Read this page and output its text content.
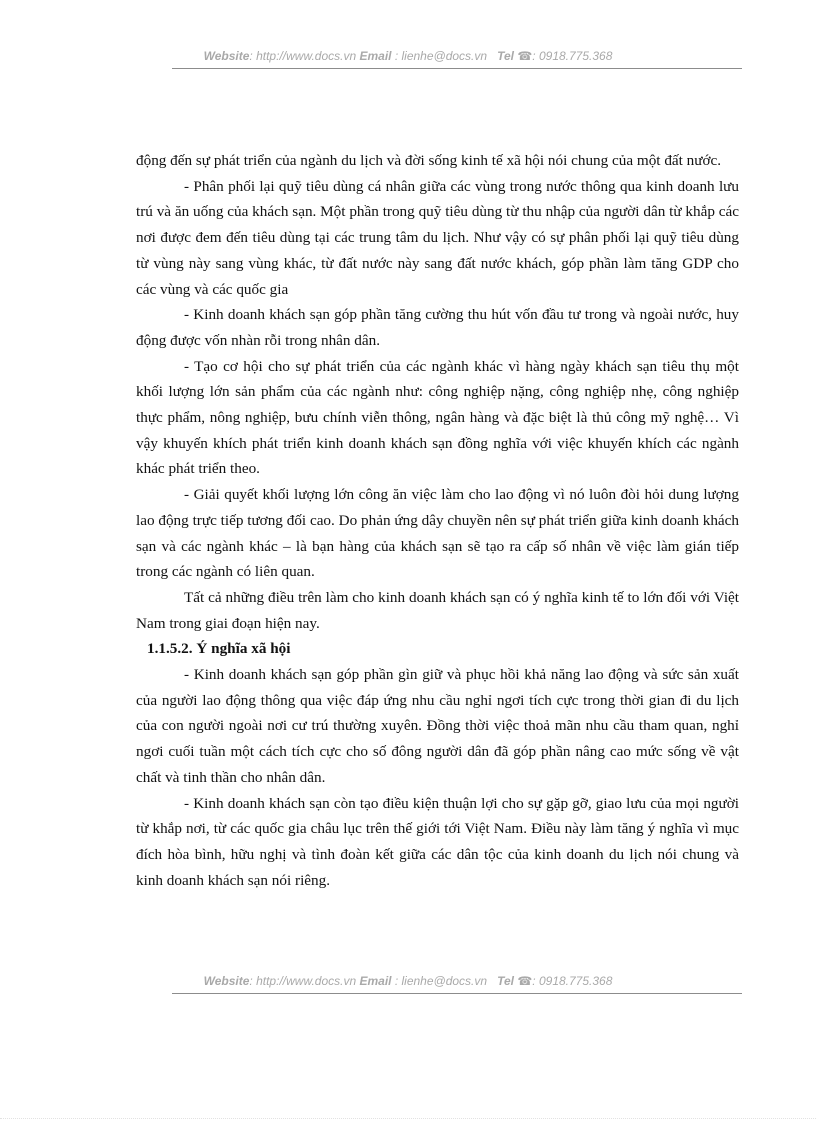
Website: http://www.docs.vn Email : lienhe@docs.vn Tel ☎: 0918.775.368

động đến sự phát triển của ngành du lịch và đời sống kinh tế xã hội nói chung của một đất nước.

- Phân phối lại quỹ tiêu dùng cá nhân giữa các vùng trong nước thông qua kinh doanh lưu trú và ăn uống của khách sạn. Một phần trong quỹ tiêu dùng từ thu nhập của người dân từ khắp các nơi được đem đến tiêu dùng tại các trung tâm du lịch. Như vậy có sự phân phối lại quỹ tiêu dùng từ vùng này sang vùng khác, từ đất nước này sang đất nước khách, góp phần làm tăng GDP cho các vùng và các quốc gia

- Kinh doanh khách sạn góp phần tăng cường thu hút vốn đầu tư trong và ngoài nước, huy động được vốn nhàn rỗi trong nhân dân.

- Tạo cơ hội cho sự phát triển của các ngành khác vì hàng ngày khách sạn tiêu thụ một khối lượng lớn sản phẩm của các ngành như: công nghiệp nặng, công nghiệp nhẹ, công nghiệp thực phẩm, nông nghiệp, bưu chính viễn thông, ngân hàng và đặc biệt là thủ công mỹ nghệ… Vì vậy khuyến khích phát triển kinh doanh khách sạn đồng nghĩa với việc khuyến khích các ngành khác phát triển theo.

- Giải quyết khối lượng lớn công ăn việc làm cho lao động vì nó luôn đòi hỏi dung lượng lao động trực tiếp tương đối cao. Do phản ứng dây chuyền nên sự phát triển giữa kinh doanh khách sạn và các ngành khác – là bạn hàng của khách sạn sẽ tạo ra cấp số nhân về việc làm gián tiếp trong các ngành có liên quan.

Tất cả những điều trên làm cho kinh doanh khách sạn có ý nghĩa kinh tế to lớn đối với Việt Nam trong giai đoạn hiện nay.

1.1.5.2. Ý nghĩa xã hội

- Kinh doanh khách sạn góp phần gìn giữ và phục hồi khả năng lao động và sức sản xuất của người lao động thông qua việc đáp ứng nhu cầu nghỉ ngơi tích cực trong thời gian đi du lịch của con người ngoài nơi cư trú thường xuyên. Đồng thời việc thoả mãn nhu cầu tham quan, nghỉ ngơi cuối tuần một cách tích cực cho số đông người dân đã góp phần nâng cao mức sống về vật chất và tinh thần cho nhân dân.

- Kinh doanh khách sạn còn tạo điều kiện thuận lợi cho sự gặp gỡ, giao lưu của mọi người từ khắp nơi, từ các quốc gia châu lục trên thế giới tới Việt Nam. Điều này làm tăng ý nghĩa vì mục đích hòa bình, hữu nghị và tình đoàn kết giữa các dân tộc của kinh doanh du lịch nói chung và kinh doanh khách sạn nói riêng.

Website: http://www.docs.vn Email : lienhe@docs.vn Tel ☎: 0918.775.368
